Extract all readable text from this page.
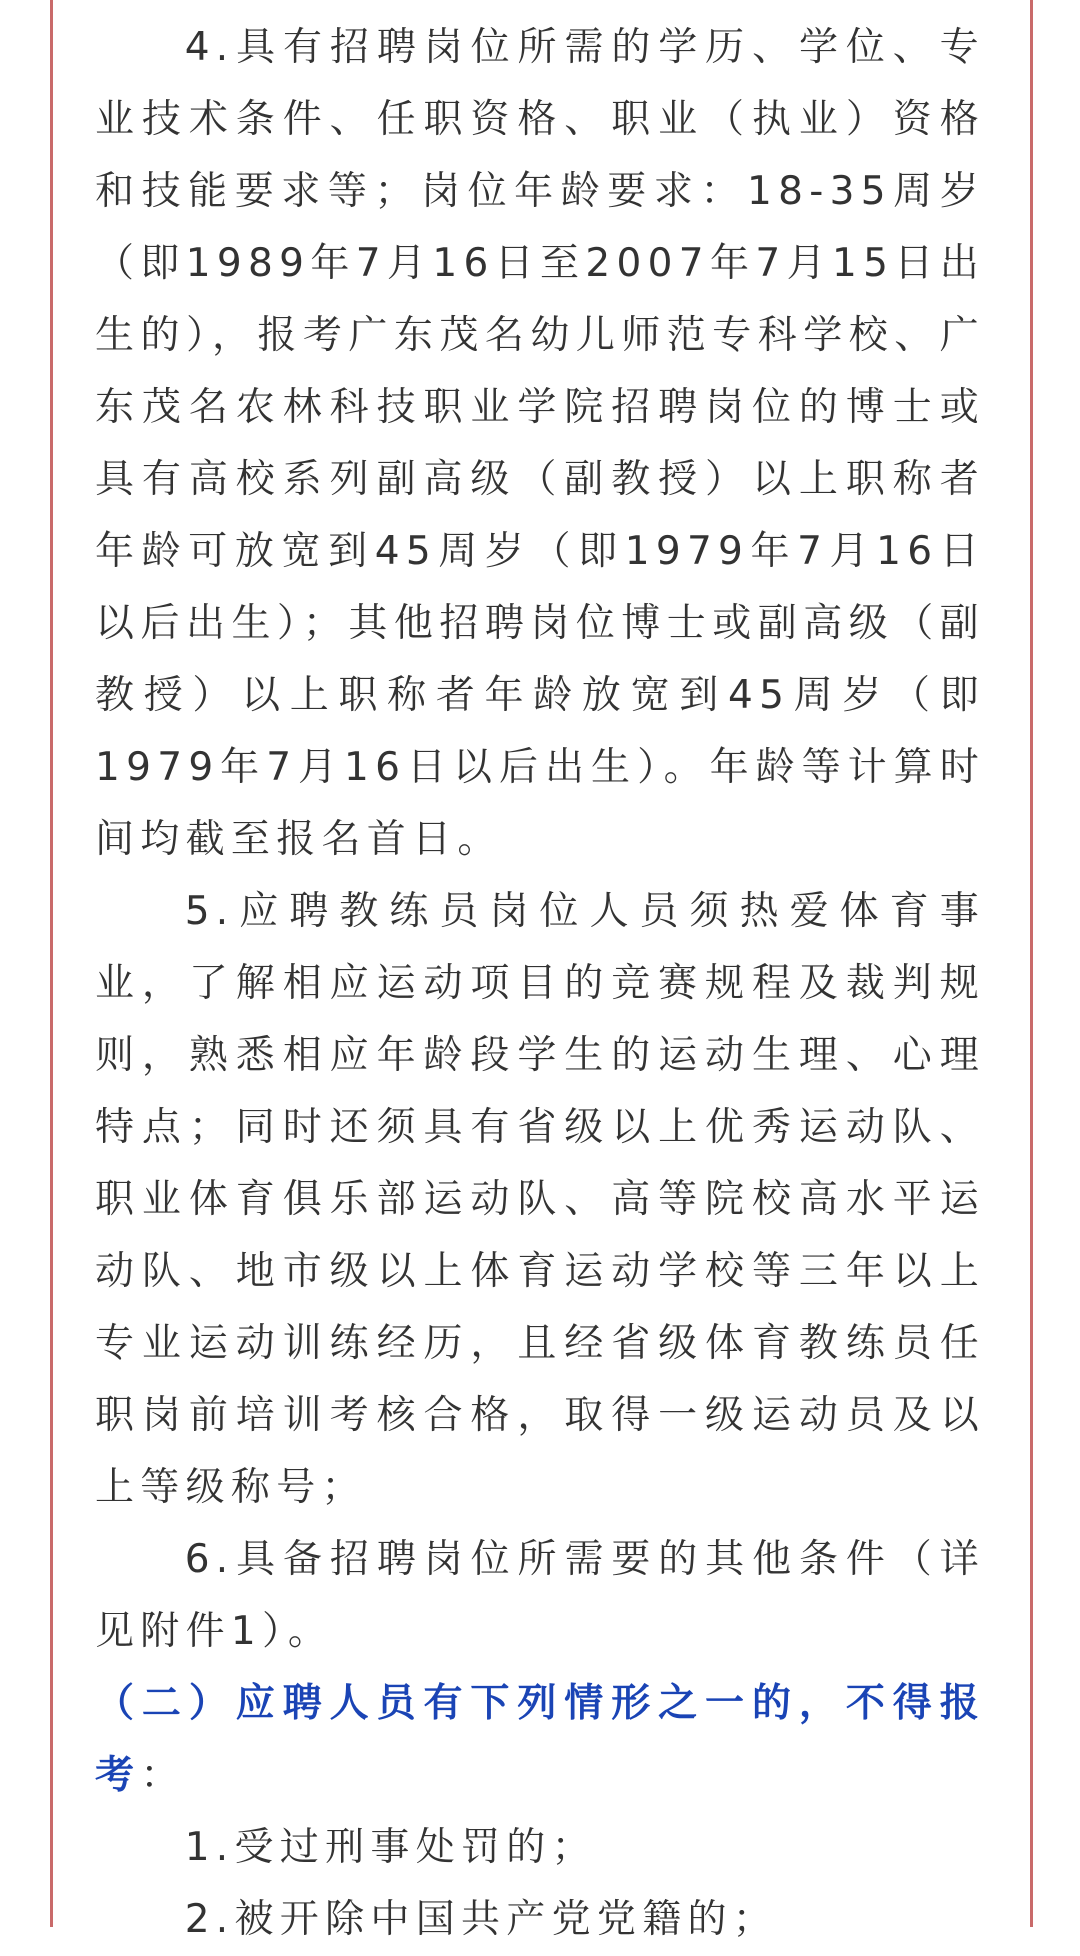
4.具有招聘岗位所需的学历、学位、专业技术条件、任职资格、职业（执业）资格和技能要求等；岗位年龄要求：18-35周岁（即1989年7月16日至2007年7月15日出生的），报考广东茂名幼儿师范专科学校、广东茂名农林科技职业学院招聘岗位的博士或具有高校系列副高级（副教授）以上职称者年龄可放宽到45周岁（即1979年7月16日以后出生）；其他招聘岗位博士或副高级（副教授）以上职称者年龄放宽到45周岁（即1979年7月16日以后出生）。年龄等计算时间均截至报名首日。

5.应聘教练员岗位人员须热爱体育事业，了解相应运动项目的竞赛规程及裁判规则，熟悉相应年龄段学生的运动生理、心理特点；同时还须具有省级以上优秀运动队、职业体育俱乐部运动队、高等院校高水平运动队、地市级以上体育运动学校等三年以上专业运动训练经历，且经省级体育教练员任职岗前培训考核合格，取得一级运动员及以上等级称号；

6.具备招聘岗位所需要的其他条件（详见附件1）。

（二）应聘人员有下列情形之一的，不得报考：

1.受过刑事处罚的；

2.被开除中国共产党党籍的；
